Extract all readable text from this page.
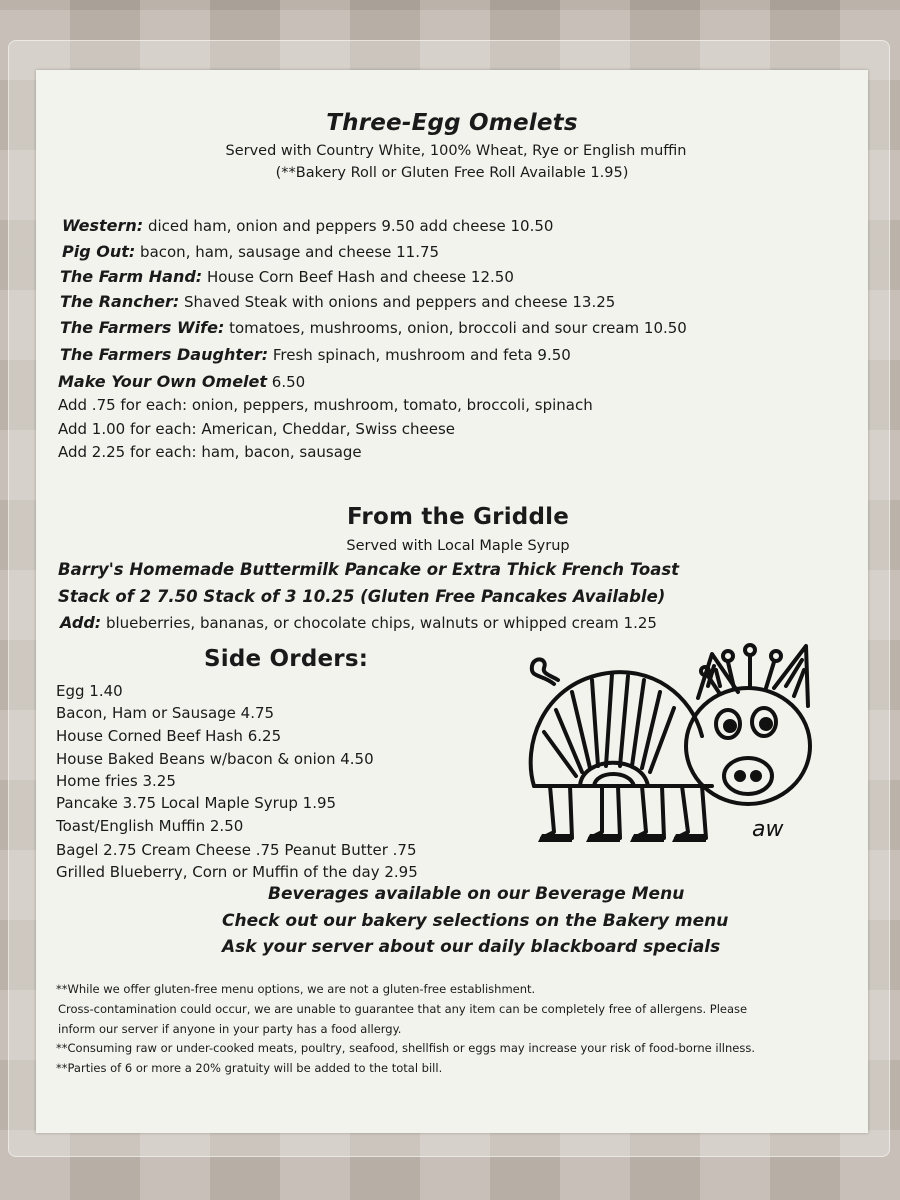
Three-Egg Omelets
Served with Country White, 100% Wheat, Rye or English muffin
(**Bakery Roll or Gluten Free Roll Available 1.95)
Western: diced ham, onion and peppers 9.50 add cheese 10.50
Pig Out: bacon, ham, sausage and cheese 11.75
The Farm Hand: House Corn Beef Hash and cheese 12.50
The Rancher: Shaved Steak with onions and peppers and cheese 13.25
The Farmers Wife: tomatoes, mushrooms, onion, broccoli and sour cream 10.50
The Farmers Daughter: Fresh spinach, mushroom and feta 9.50
Make Your Own Omelet 6.50
Add .75 for each: onion, peppers, mushroom, tomato, broccoli, spinach
Add 1.00 for each: American, Cheddar, Swiss cheese
Add 2.25 for each: ham, bacon, sausage
From the Griddle
Served with Local Maple Syrup
Barry's Homemade Buttermilk Pancake or Extra Thick French Toast
Stack of 2 7.50 Stack of 3 10.25 (Gluten Free Pancakes Available)
Add: blueberries, bananas, or chocolate chips, walnuts or whipped cream 1.25
Side Orders:
Egg 1.40
Bacon, Ham or Sausage 4.75
House Corned Beef Hash 6.25
House Baked Beans w/bacon & onion 4.50
Home fries 3.25
Pancake 3.75 Local Maple Syrup 1.95
Toast/English Muffin 2.50
Bagel 2.75 Cream Cheese .75 Peanut Butter .75
Grilled Blueberry, Corn or Muffin of the day 2.95
aw
Beverages available on our Beverage Menu
Check out our bakery selections on the Bakery menu
Ask your server about our daily blackboard specials
**While we offer gluten-free menu options, we are not a gluten-free establishment.
Cross-contamination could occur, we are unable to guarantee that any item can be completely free of allergens. Please
inform our server if anyone in your party has a food allergy.
**Consuming raw or under-cooked meats, poultry, seafood, shellfish or eggs may increase your risk of food-borne illness.
**Parties of 6 or more a 20% gratuity will be added to the total bill.
